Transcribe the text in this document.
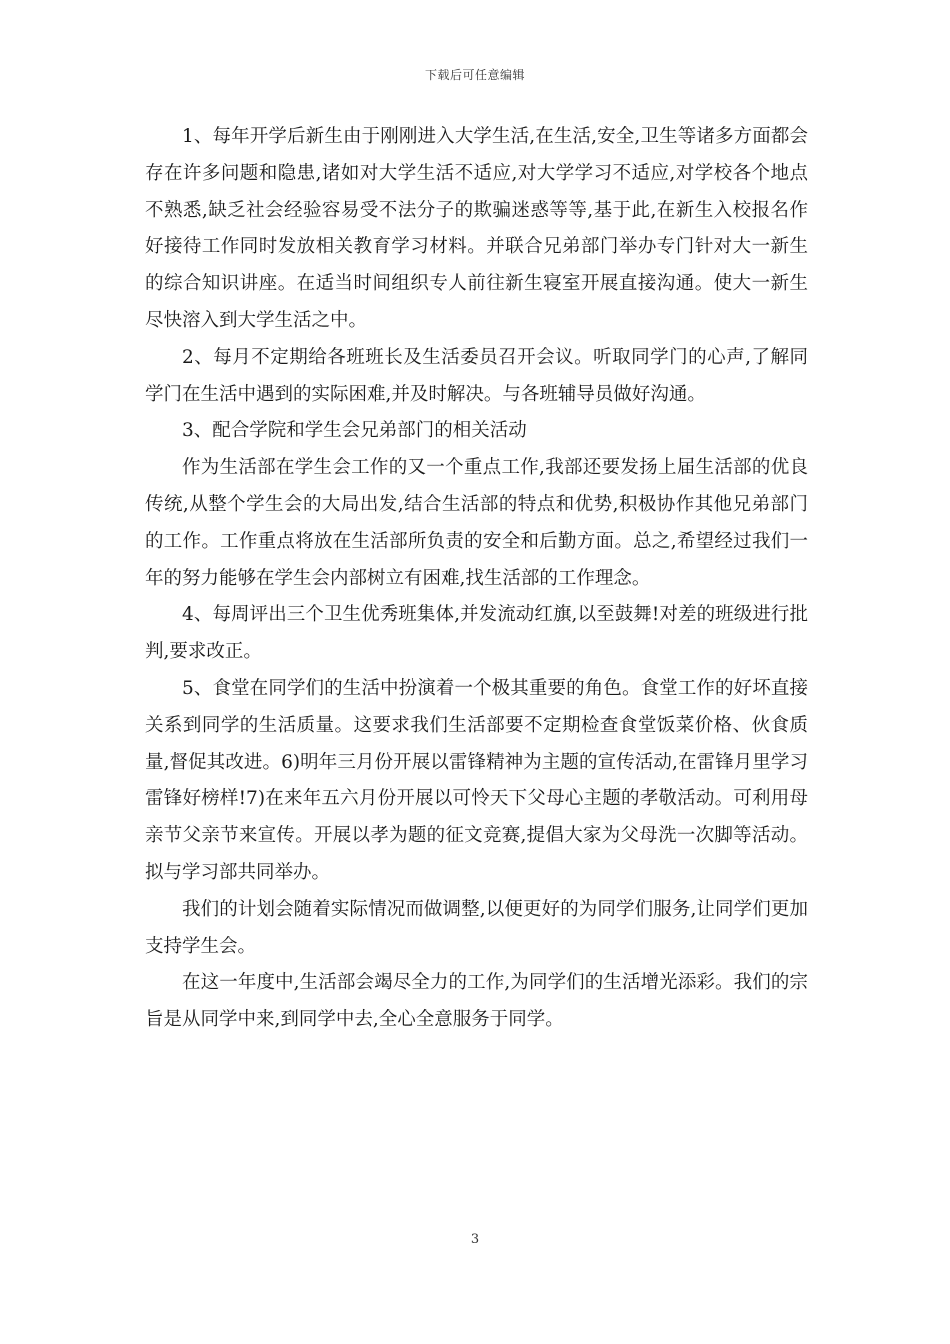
下载后可任意编辑

1、每年开学后新生由于刚刚进入大学生活,在生活,安全,卫生等诸多方面都会存在许多问题和隐患,诸如对大学生活不适应,对大学学习不适应,对学校各个地点不熟悉,缺乏社会经验容易受不法分子的欺骗迷惑等等,基于此,在新生入校报名作好接待工作同时发放相关教育学习材料。并联合兄弟部门举办专门针对大一新生的综合知识讲座。在适当时间组织专人前往新生寝室开展直接沟通。使大一新生尽快溶入到大学生活之中。

2、每月不定期给各班班长及生活委员召开会议。听取同学门的心声,了解同学门在生活中遇到的实际困难,并及时解决。与各班辅导员做好沟通。

3、配合学院和学生会兄弟部门的相关活动

作为生活部在学生会工作的又一个重点工作,我部还要发扬上届生活部的优良传统,从整个学生会的大局出发,结合生活部的特点和优势,积极协作其他兄弟部门的工作。工作重点将放在生活部所负责的安全和后勤方面。总之,希望经过我们一年的努力能够在学生会内部树立有困难,找生活部的工作理念。

4、每周评出三个卫生优秀班集体,并发流动红旗,以至鼓舞!对差的班级进行批判,要求改正。

5、食堂在同学们的生活中扮演着一个极其重要的角色。食堂工作的好坏直接关系到同学的生活质量。这要求我们生活部要不定期检查食堂饭菜价格、伙食质量,督促其改进。6)明年三月份开展以雷锋精神为主题的宣传活动,在雷锋月里学习雷锋好榜样!7)在来年五六月份开展以可怜天下父母心主题的孝敬活动。可利用母亲节父亲节来宣传。开展以孝为题的征文竞赛,提倡大家为父母洗一次脚等活动。拟与学习部共同举办。

我们的计划会随着实际情况而做调整,以便更好的为同学们服务,让同学们更加支持学生会。

在这一年度中,生活部会竭尽全力的工作,为同学们的生活增光添彩。我们的宗旨是从同学中来,到同学中去,全心全意服务于同学。

3
